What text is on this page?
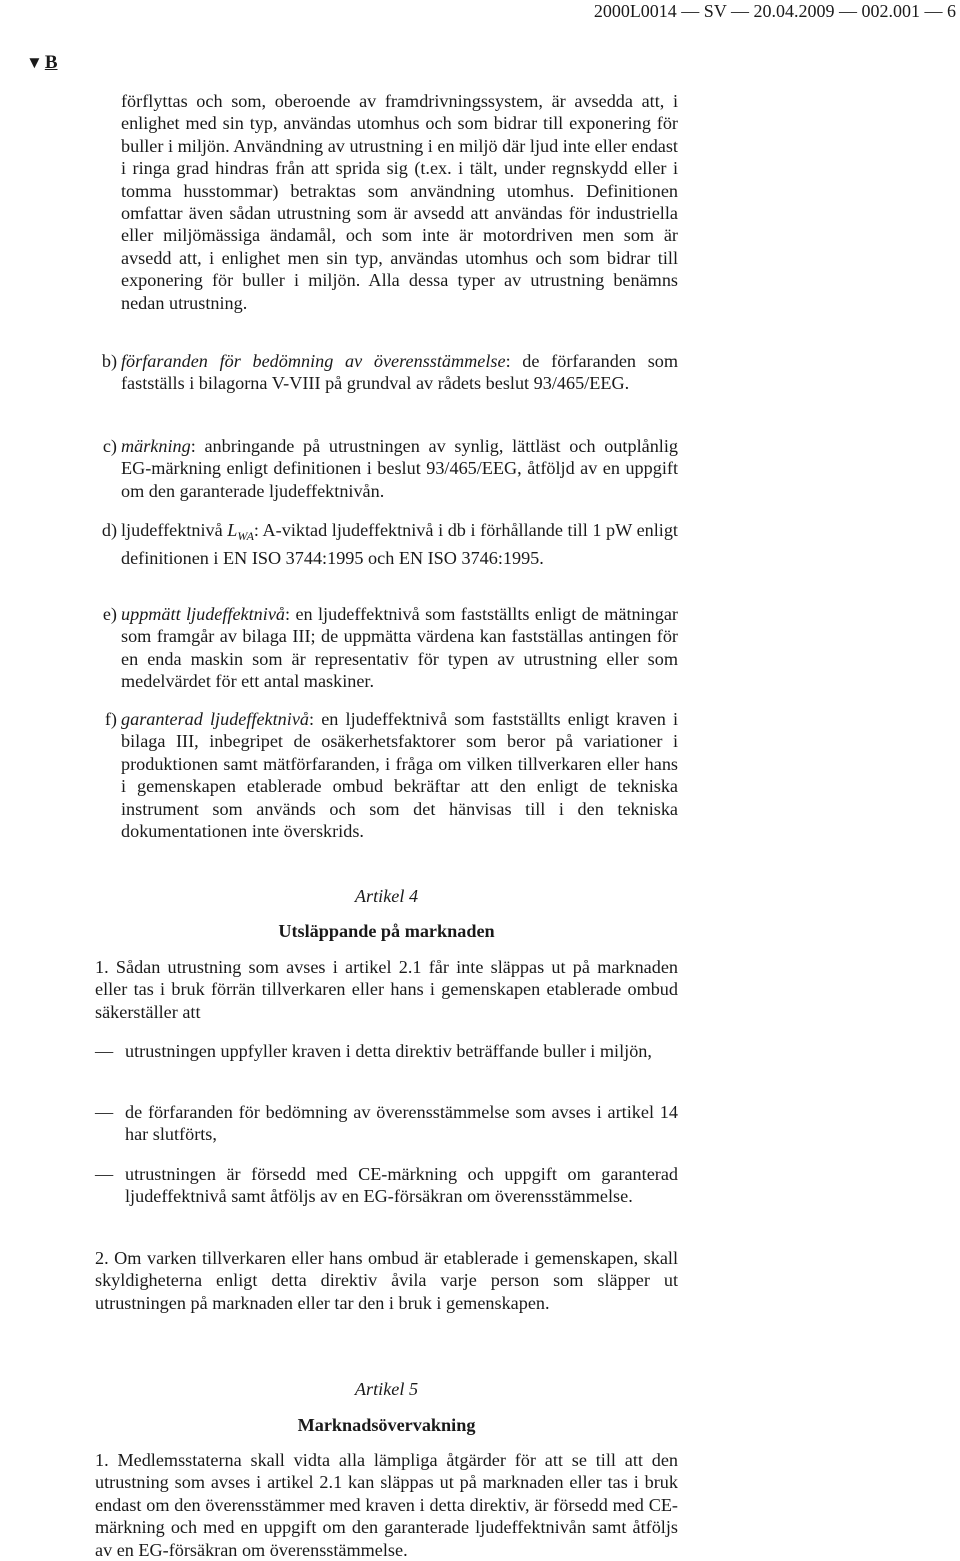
2000L0014 — SV — 20.04.2009 — 002.001 — 6
▼ B

förflyttas och som, oberoende av framdrivningssystem, är avsedda att, i enlighet med sin typ, användas utomhus och som bidrar till exponering för buller i miljön. Användning av utrustning i en miljö där ljud inte eller endast i ringa grad hindras från att sprida sig (t.ex. i tält, under regnskydd eller i tomma husstommar) betraktas som användning utomhus. Definitionen omfattar även sådan utrustning som är avsedd att användas för industriella eller miljömässiga ändamål, och som inte är motordriven men som är avsedd att, i enlighet men sin typ, användas utomhus och som bidrar till exponering för buller i miljön. Alla dessa typer av utrustning benämns nedan utrustning.

b) förfaranden för bedömning av överensstämmelse: de förfaranden som fastställs i bilagorna V-VIII på grundval av rådets beslut 93/465/EEG.
c) märkning: anbringande på utrustningen av synlig, lättläst och outplånlig EG-märkning enligt definitionen i beslut 93/465/EEG, åtföljd av en uppgift om den garanterade ljudeffektnivån.
d) ljudeffektnivå $L_{WA}$: A-viktad ljudeffektnivå i db i förhållande till 1 pW enligt definitionen i EN ISO 3744:1995 och EN ISO 3746:1995.
e) uppmätt ljudeffektnivå: en ljudeffektnivå som fastställts enligt de mätningar som framgår av bilaga III; de uppmätta värdena kan fastställas antingen för en enda maskin som är representativ för typen av utrustning eller som medelvärdet för ett antal maskiner.
f) garanterad ljudeffektnivå: en ljudeffektnivå som fastställts enligt kraven i bilaga III, inbegripet de osäkerhetsfaktorer som beror på variationer i produktionen samt mätförfaranden, i fråga om vilken tillverkaren eller hans i gemenskapen etablerade ombud bekräftar att den enligt de tekniska instrument som används och som det hänvisas till i den tekniska dokumentationen inte överskrids.

Artikel 4

Utsläppande på marknaden

1. Sådan utrustning som avses i artikel 2.1 får inte släppas ut på marknaden eller tas i bruk förrän tillverkaren eller hans i gemenskapen etablerade ombud säkerställer att

— utrustningen uppfyller kraven i detta direktiv beträffande buller i miljön,
— de förfaranden för bedömning av överensstämmelse som avses i artikel 14 har slutförts,
— utrustningen är försedd med CE-märkning och uppgift om garanterad ljudeffektnivå samt åtföljs av en EG-försäkran om överensstämmelse.

2. Om varken tillverkaren eller hans ombud är etablerade i gemenskapen, skall skyldigheterna enligt detta direktiv åvila varje person som släpper ut utrustningen på marknaden eller tar den i bruk i gemenskapen.

Artikel 5

Marknadsövervakning

1. Medlemsstaterna skall vidta alla lämpliga åtgärder för att se till att den utrustning som avses i artikel 2.1 kan släppas ut på marknaden eller tas i bruk endast om den överensstämmer med kraven i detta direktiv, är försedd med CE-märkning och med en uppgift om den garanterade ljudeffektnivån samt åtföljs av en EG-försäkran om överensstämmelse.
